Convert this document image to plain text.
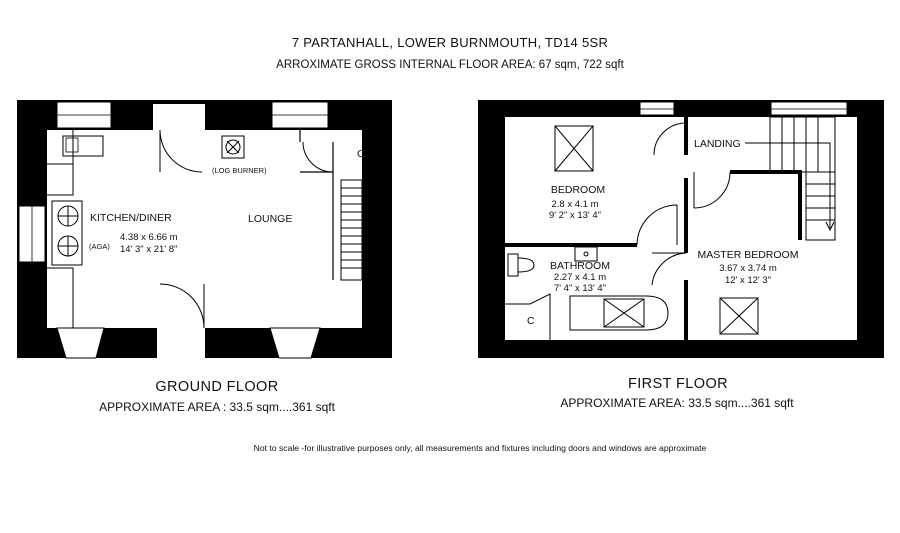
7 PARTANHALL, LOWER BURNMOUTH, TD14 5SR
ARROXIMATE GROSS INTERNAL FLOOR AREA: 67 sqm, 722 sqft
KITCHEN/DINER	LOUNGE
4.38 x 6.66 m
14' 3" x 21' 8"
(LOG BURNER)
(AGA)
C
LANDING
BEDROOM
2.8 x 4.1 m
9' 2" x 13' 4"
BATHROOM
2.27 x 4.1 m
7' 4" x 13' 4"
MASTER BEDROOM
3.67 x 3.74 m
12' x 12' 3"
C
GROUND FLOOR
APPROXIMATE AREA : 33.5 sqm....361 sqft
FIRST FLOOR
APPROXIMATE AREA: 33.5 sqm....361 sqft
Not to scale -for illustrative purposes only, all measurements and fixtures including doors and windows are approximate
